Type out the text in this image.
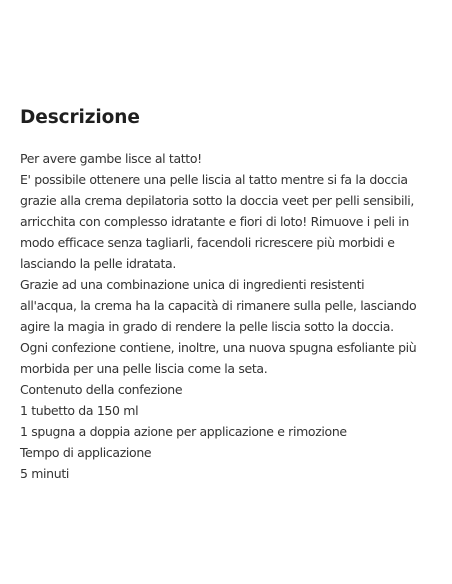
Descrizione
Per avere gambe lisce al tatto!
E' possibile ottenere una pelle liscia al tatto mentre si fa la doccia
grazie alla crema depilatoria sotto la doccia veet per pelli sensibili,
arricchita con complesso idratante e fiori di loto! Rimuove i peli in
modo efficace senza tagliarli, facendoli ricrescere più morbidi e
lasciando la pelle idratata.
Grazie ad una combinazione unica di ingredienti resistenti
all'acqua, la crema ha la capacità di rimanere sulla pelle, lasciando
agire la magia in grado di rendere la pelle liscia sotto la doccia.
Ogni confezione contiene, inoltre, una nuova spugna esfoliante più
morbida per una pelle liscia come la seta.
Contenuto della confezione
1 tubetto da 150 ml
1 spugna a doppia azione per applicazione e rimozione
Tempo di applicazione
5 minuti
